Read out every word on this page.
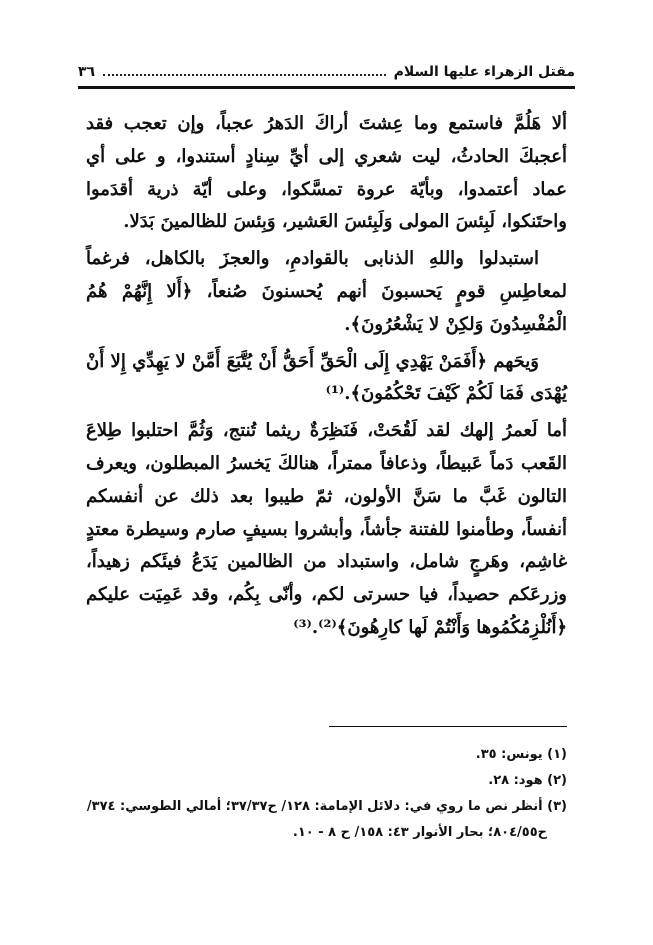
مقتل الزهراء عليها السلام
٣٦

ألا هَلُمَّ فاستمع وما عِشتَ أراكَ الدَهرُ عجباً، وإن تعجب فقد أعجبكَ الحادثُ، ليت شعري إلى أيِّ سِنادٍ أستندوا، و على أي عماد أعتمدوا، وبأيّة عروة تمسَّكوا، وعلى أيّة ذرية أقدَموا واحتَنكوا، لَبِئسَ المولى وَلَبِئسَ العَشير، وَبِئسَ للظالمينَ بَدَلا.

استبدلوا واللهِ الذنابى بالقوادمِ، والعجزَ بالكاهل، فرغماً لمعاطِسِ قومٍ يَحسبونَ أنهم يُحسنونَ صُنعاً، ﴿أَلا إِنَّهُمْ هُمُ الْمُفْسِدُونَ وَلكِنْ لا يَشْعُرُونَ﴾.

وَيحَهم ﴿أَفَمَنْ يَهْدِي إِلَى الْحَقِّ أَحَقُّ أَنْ يُتَّبَعَ أَمَّنْ لا يَهِدِّي إِلا أَنْ يُهْدَى فَمَا لَكُمْ كَيْفَ تَحْكُمُونَ﴾.⁽¹⁾

أما لَعمرُ إلهك لقد لَقُحَتْ، فَنَظِرَةٌ ريثما تُنتج، وَثُمَّ احتلبوا طِلاعَ القَعب دَماً عَبيطاً، وذعافاً ممتراً، هنالكَ يَخسرُ المبطلون، ويعرف التالون غَبَّ ما سَنَّ الأولون، ثمّ طيبوا بعد ذلك عن أنفسكم أنفساً، وطأمنوا للفتنة جأشاً، وأبشروا بسيفٍ صارم وسيطرة معتدٍ غاشِم، وهَرجٍ شامل، واستبداد من الظالمين يَدَعُ فيئَكم زهيداً، وزرعَكم حصيداً، فيا حسرتى لكم، وأنّى بِكُم، وقد عَمِيَت عليكم ﴿أَنُلْزِمُكُمُوها وَأَنْتُمْ لَها كارِهُونَ﴾⁽²⁾.⁽³⁾

(١) يونس: ٣٥.
(٢) هود: ٢٨.
(٣) أنظر نص ما روي في: دلائل الإمامة: ١٢٨/ ح٣٧/٣٧؛ أمالي الطوسي: ٣٧٤/
ح٨٠٤/٥٥؛ بحار الأنوار ٤٣: ١٥٨/ ح ٨ - ١٠.
